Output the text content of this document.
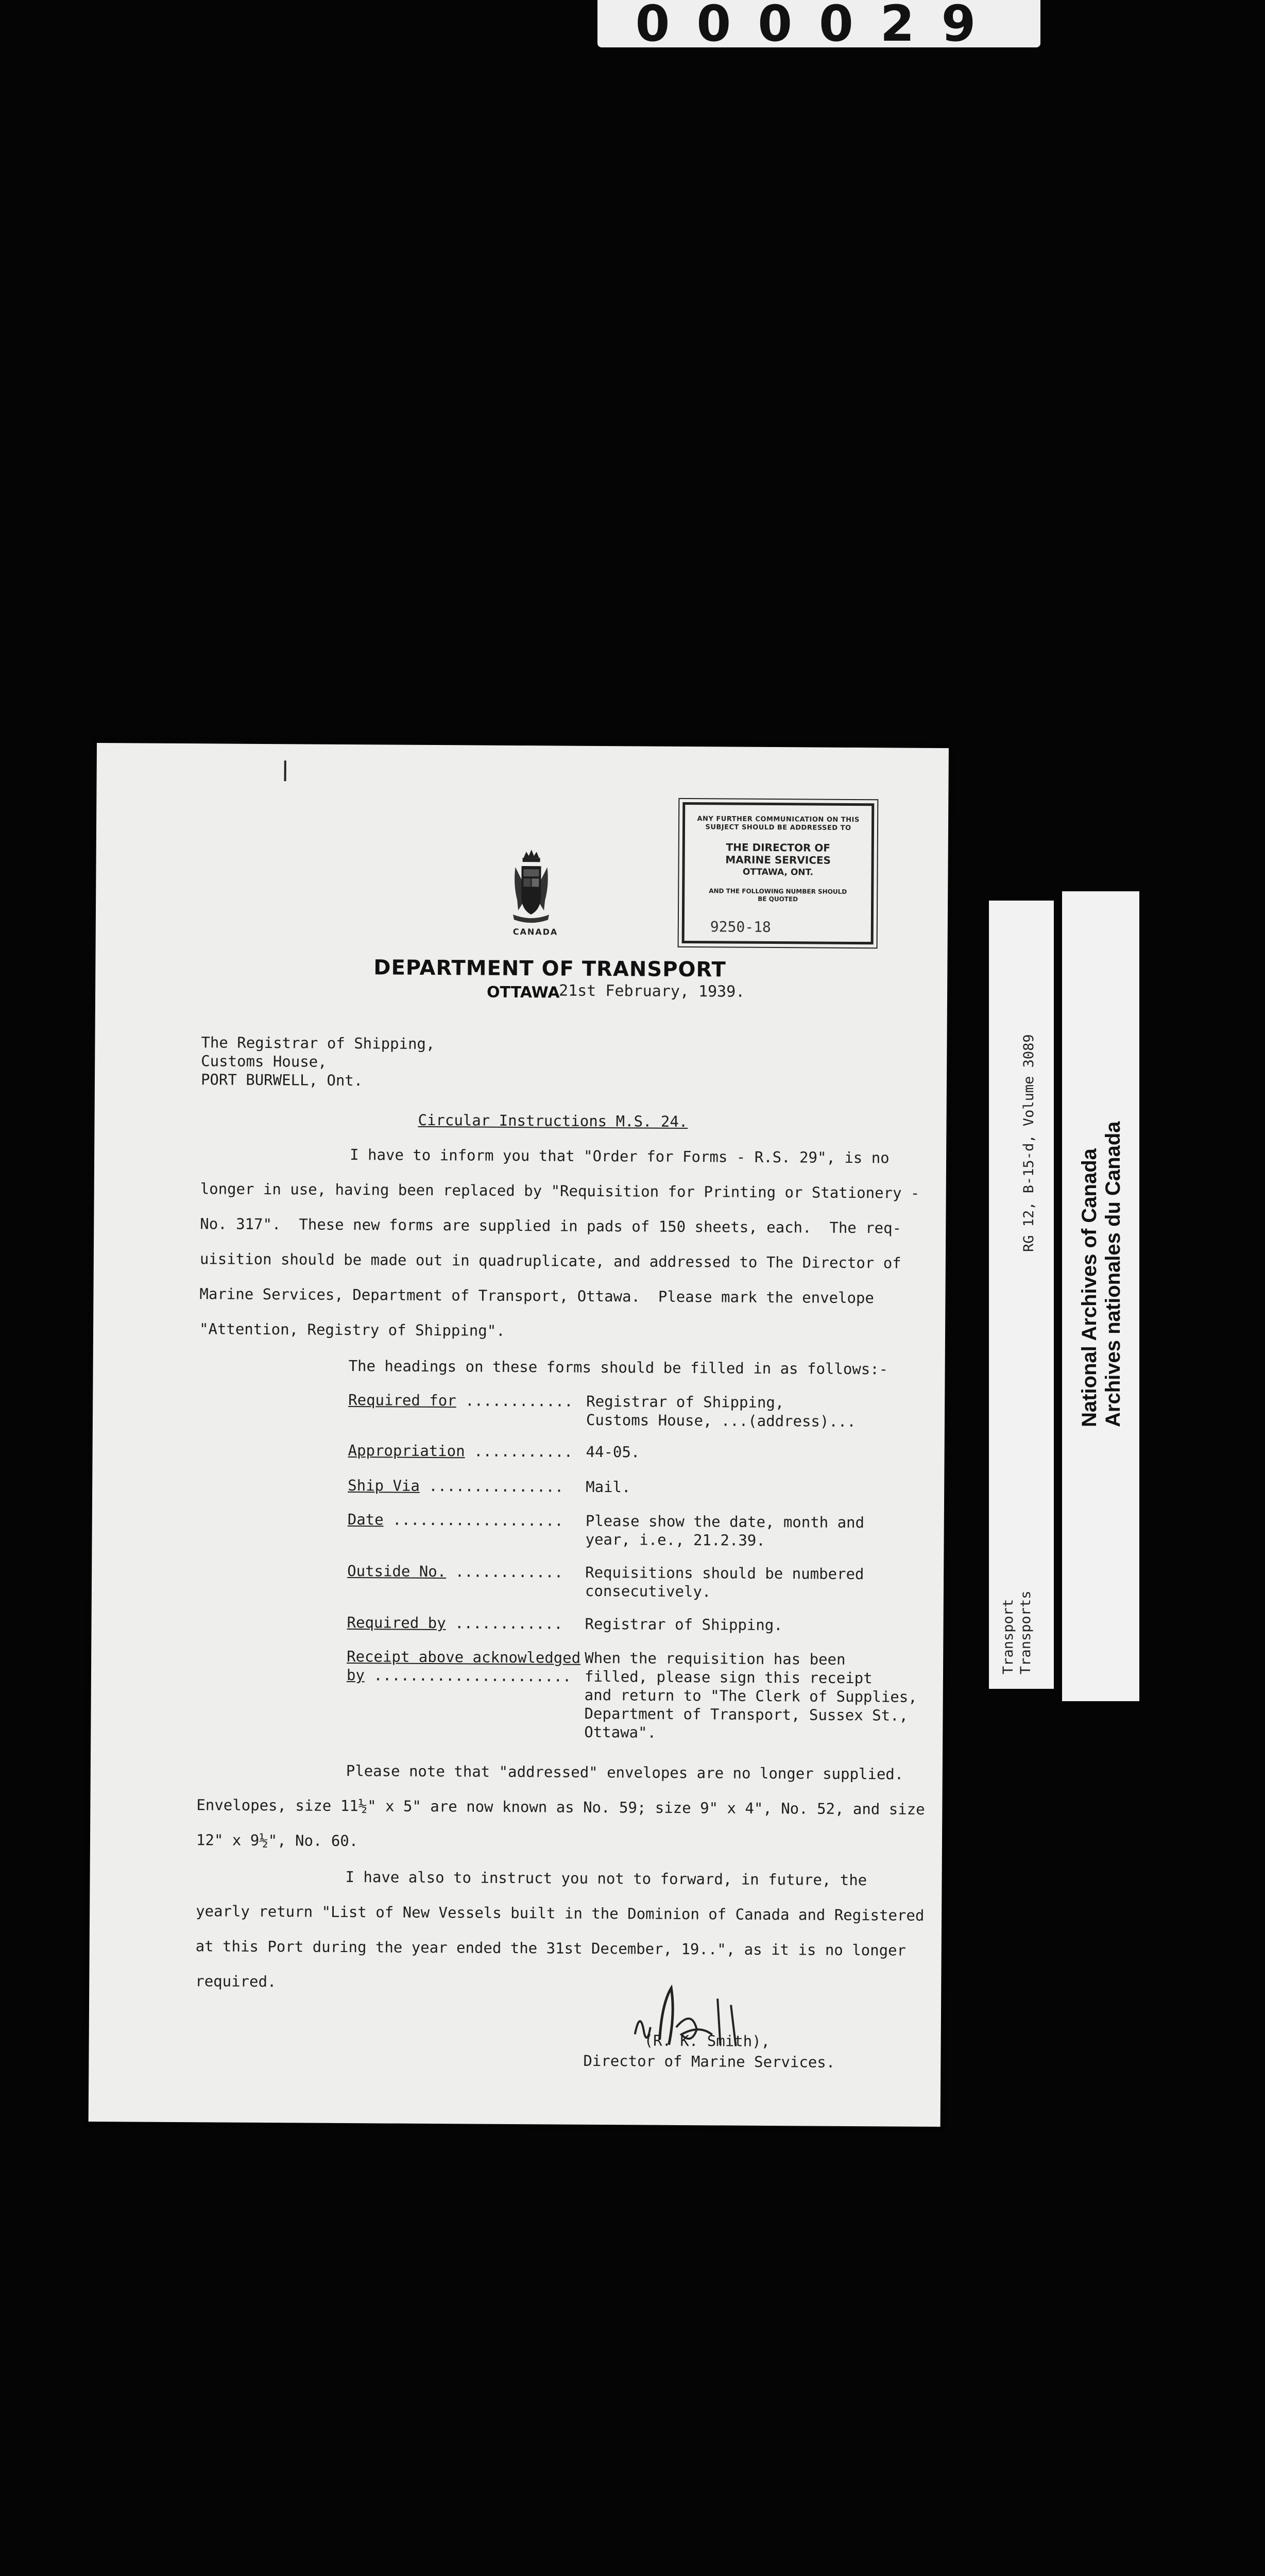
000029
RG 12, B-15-d, Volume 3089
Transport Transports
National Archives of Canada Archives nationales du Canada
ANY FURTHER COMMUNICATION ON THIS
SUBJECT SHOULD BE ADDRESSED TO
THE DIRECTOR OF
MARINE SERVICES
OTTAWA, ONT.
AND THE FOLLOWING NUMBER SHOULD
BE QUOTED
9250-18
CANADA
DEPARTMENT OF TRANSPORT
OTTAWA
21st February, 1939.
The Registrar of Shipping,
Customs House,
PORT BURWELL, Ont.
Circular Instructions M.S. 24.
I have to inform you that "Order for Forms - R.S. 29", is no
longer in use, having been replaced by "Requisition for Printing or Stationery -
No. 317".  These new forms are supplied in pads of 150 sheets, each.  The req-
uisition should be made out in quadruplicate, and addressed to The Director of
Marine Services, Department of Transport, Ottawa.  Please mark the envelope
"Attention, Registry of Shipping".
The headings on these forms should be filled in as follows:-
Required for ............ Registrar of Shipping,
Customs House, ...(address)...
Appropriation ........... 44-05.
Ship Via ............... Mail.
Date ................... Please show the date, month and
year, i.e., 21.2.39.
Outside No. ............ Requisitions should be numbered
consecutively.
Required by ............ Registrar of Shipping.
Receipt above acknowledged
by ......................
When the requisition has been
filled, please sign this receipt
and return to "The Clerk of Supplies,
Department of Transport, Sussex St.,
Ottawa".
Please note that "addressed" envelopes are no longer supplied.
Envelopes, size 11½" x 5" are now known as No. 59; size 9" x 4", No. 52, and size
12" x 9½", No. 60.
I have also to instruct you not to forward, in future, the
yearly return "List of New Vessels built in the Dominion of Canada and Registered
at this Port during the year ended the 31st December, 19..", as it is no longer
required.
(R. K. Smith),
Director of Marine Services.
